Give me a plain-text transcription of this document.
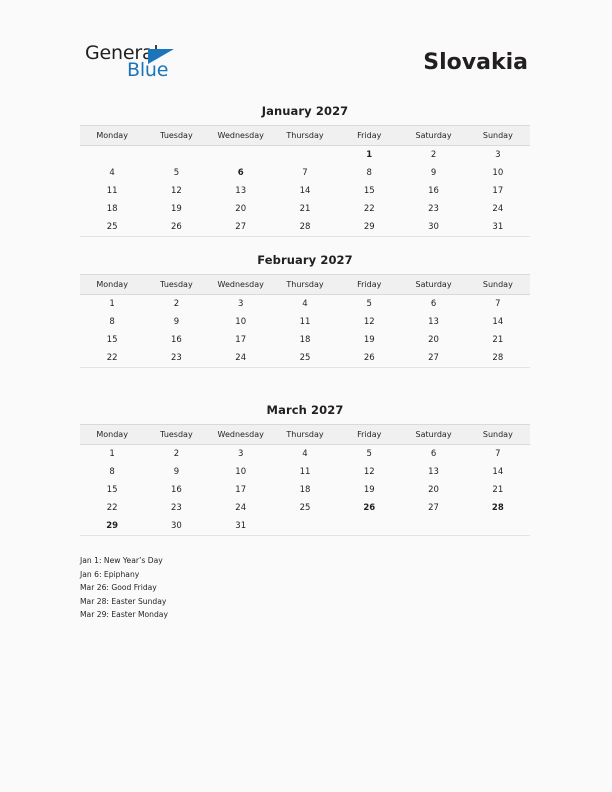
General
Blue	Slovakia
January 2027
Monday	Tuesday	Wednesday	Thursday	Friday	Saturday	Sunday
				1	2	3
4	5	6	7	8	9	10
11	12	13	14	15	16	17
18	19	20	21	22	23	24
25	26	27	28	29	30	31
February 2027
Monday	Tuesday	Wednesday	Thursday	Friday	Saturday	Sunday
1	2	3	4	5	6	7
8	9	10	11	12	13	14
15	16	17	18	19	20	21
22	23	24	25	26	27	28
March 2027
Monday	Tuesday	Wednesday	Thursday	Friday	Saturday	Sunday
1	2	3	4	5	6	7
8	9	10	11	12	13	14
15	16	17	18	19	20	21
22	23	24	25	26	27	28
29	30	31				
Jan 1: New Year’s Day
Jan 6: Epiphany
Mar 26: Good Friday
Mar 28: Easter Sunday
Mar 29: Easter Monday
